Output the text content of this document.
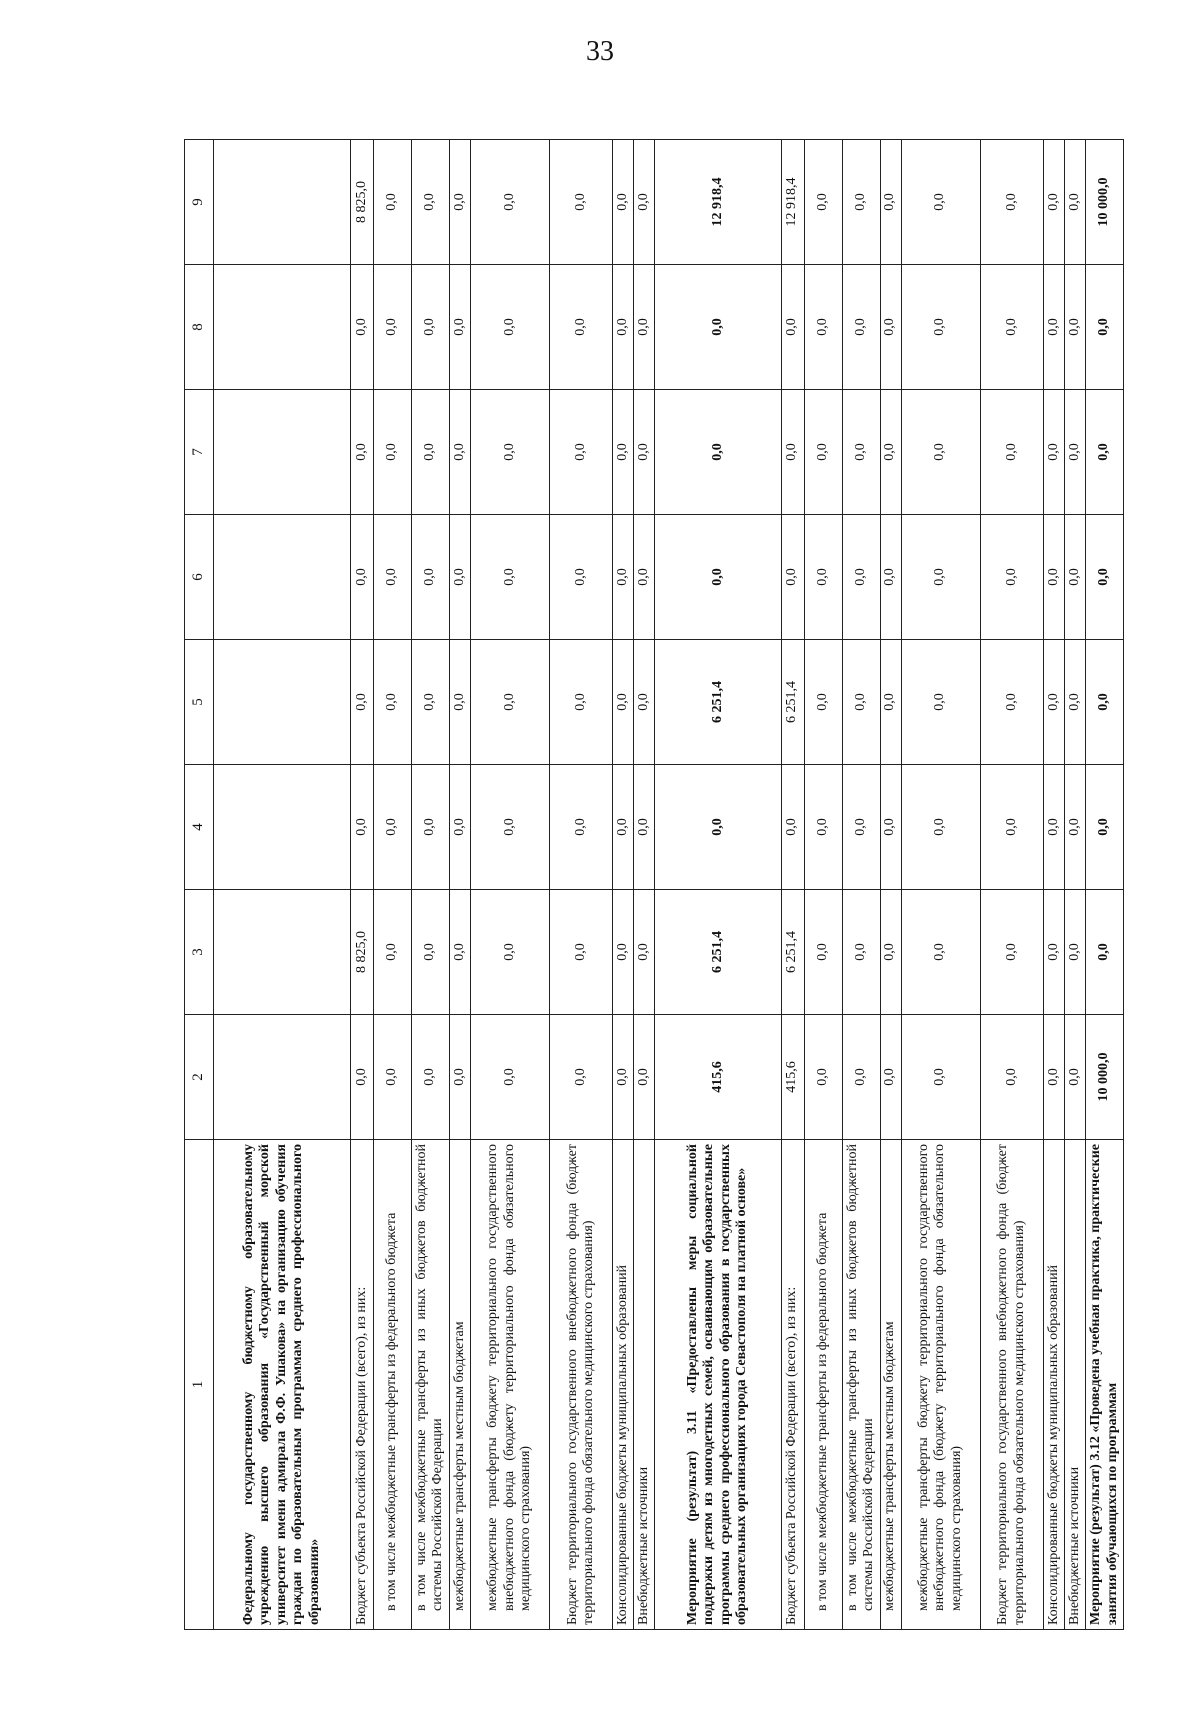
33
1	2	3	4	5	6	7	8	9
Федеральному государственному бюджетному образовательному учреждению высшего образования «Государственный морской университет имени адмирала Ф.Ф. Ушакова» на организацию обучения граждан по образовательным программам среднего профессионального образования»								
Бюджет субъекта Российской Федерации (всего), из них:	0,0	8 825,0	0,0	0,0	0,0	0,0	0,0	8 825,0
в том числе межбюджетные трансферты из федерального бюджета	0,0	0,0	0,0	0,0	0,0	0,0	0,0	0,0
в том числе межбюджетные трансферты из иных бюджетов бюджетной системы Российской Федерации	0,0	0,0	0,0	0,0	0,0	0,0	0,0	0,0
межбюджетные трансферты местным бюджетам	0,0	0,0	0,0	0,0	0,0	0,0	0,0	0,0
межбюджетные трансферты бюджету территориального государственного внебюджетного фонда (бюджету территориального фонда обязательного медицинского страхования)	0,0	0,0	0,0	0,0	0,0	0,0	0,0	0,0
Бюджет территориального государственного внебюджетного фонда (бюджет территориального фонда обязательного медицинского страхования)	0,0	0,0	0,0	0,0	0,0	0,0	0,0	0,0
Консолидированные бюджеты муниципальных образований	0,0	0,0	0,0	0,0	0,0	0,0	0,0	0,0
Внебюджетные источники	0,0	0,0	0,0	0,0	0,0	0,0	0,0	0,0
Мероприятие (результат) 3.11 «Предоставлены меры социальной поддержки детям из многодетных семей, осваивающим образовательные программы среднего профессионального образования в государственных образовательных организациях города Севастополя на платной основе»	415,6	6 251,4	0,0	6 251,4	0,0	0,0	0,0	12 918,4
Бюджет субъекта Российской Федерации (всего), из них:	415,6	6 251,4	0,0	6 251,4	0,0	0,0	0,0	12 918,4
в том числе межбюджетные трансферты из федерального бюджета	0,0	0,0	0,0	0,0	0,0	0,0	0,0	0,0
в том числе межбюджетные трансферты из иных бюджетов бюджетной системы Российской Федерации	0,0	0,0	0,0	0,0	0,0	0,0	0,0	0,0
межбюджетные трансферты местным бюджетам	0,0	0,0	0,0	0,0	0,0	0,0	0,0	0,0
межбюджетные трансферты бюджету территориального государственного внебюджетного фонда (бюджету территориального фонда обязательного медицинского страхования)	0,0	0,0	0,0	0,0	0,0	0,0	0,0	0,0
Бюджет территориального государственного внебюджетного фонда (бюджет территориального фонда обязательного медицинского страхования)	0,0	0,0	0,0	0,0	0,0	0,0	0,0	0,0
Консолидированные бюджеты муниципальных образований	0,0	0,0	0,0	0,0	0,0	0,0	0,0	0,0
Внебюджетные источники	0,0	0,0	0,0	0,0	0,0	0,0	0,0	0,0
Мероприятие (результат) 3.12 «Проведена учебная практика, практические занятия обучающихся по программам	10 000,0	0,0	0,0	0,0	0,0	0,0	0,0	10 000,0
